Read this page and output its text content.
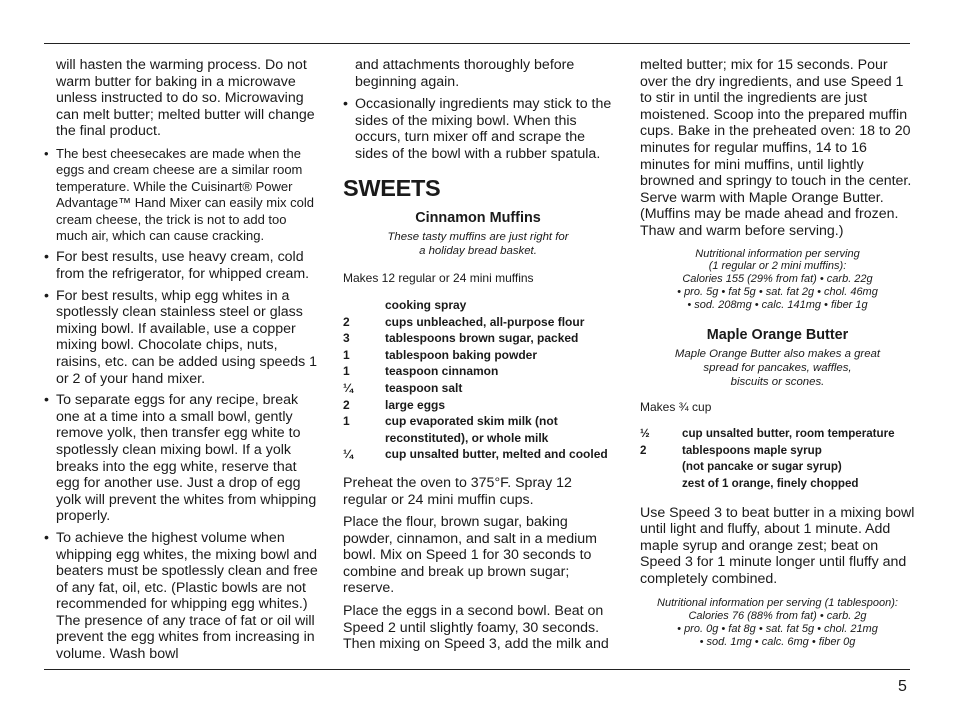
will hasten the warming process. Do not warm butter for baking in a microwave unless instructed to do so. Microwaving can melt butter; melted butter will change the final product.

• The best cheesecakes are made when the eggs and cream cheese are a similar room temperature. While the Cuisinart® Power Advantage™ Hand Mixer can easily mix cold cream cheese, the trick is not to add too much air, which can cause cracking.
• For best results, use heavy cream, cold from the refrigerator, for whipped cream.
• For best results, whip egg whites in a spotlessly clean stainless steel or glass mixing bowl. If available, use a copper mixing bowl. Chocolate chips, nuts, raisins, etc. can be added using speeds 1 or 2 of your hand mixer.
• To separate eggs for any recipe, break one at a time into a small bowl, gently remove yolk, then transfer egg white to spotlessly clean mixing bowl. If a yolk breaks into the egg white, reserve that egg for another use. Just a drop of egg yolk will prevent the whites from whipping properly.
• To achieve the highest volume when whipping egg whites, the mixing bowl and beaters must be spotlessly clean and free of any fat, oil, etc. (Plastic bowls are not recommended for whipping egg whites.) The presence of any trace of fat or oil will prevent the egg whites from increasing in volume. Wash bowl

and attachments thoroughly before beginning again.

• Occasionally ingredients may stick to the sides of the mixing bowl. When this occurs, turn mixer off and scrape the sides of the bowl with a rubber spatula.
SWEETS
Cinnamon Muffins
These tasty muffins are just right for
a holiday bread basket.

Makes 12 regular or 24 mini muffins

cooking spray
2	cups unbleached, all-purpose flour
3	tablespoons brown sugar, packed
1	tablespoon baking powder
1	teaspoon cinnamon
¼	teaspoon salt
2	large eggs
1	cup evaporated skim milk (not reconstituted), or whole milk
¼	cup unsalted butter, melted and cooled

Preheat the oven to 375°F. Spray 12 regular or 24 mini muffin cups.

Place the flour, brown sugar, baking powder, cinnamon, and salt in a medium bowl. Mix on Speed 1 for 30 seconds to combine and break up brown sugar; reserve.

Place the eggs in a second bowl. Beat on Speed 2 until slightly foamy, 30 seconds. Then mixing on Speed 3, add the milk and

melted butter; mix for 15 seconds. Pour over the dry ingredients, and use Speed 1 to stir in until the ingredients are just moistened. Scoop into the prepared muffin cups. Bake in the preheated oven: 18 to 20 minutes for regular muffins, 14 to 16 minutes for mini muffins, until lightly browned and springy to touch in the center. Serve warm with Maple Orange Butter. (Muffins may be made ahead and frozen. Thaw and warm before serving.)

Nutritional information per serving
(1 regular or 2 mini muffins):
Calories 155 (29% from fat) • carb. 22g
• pro. 5g • fat 5g • sat. fat 2g • chol. 46mg
• sod. 208mg • calc. 141mg • fiber 1g
Maple Orange Butter
Maple Orange Butter also makes a great
spread for pancakes, waffles,
biscuits or scones.

Makes ¾ cup

½	cup unsalted butter, room temperature
2	tablespoons maple syrup
(not pancake or sugar syrup)
zest of 1 orange, finely chopped

Use Speed 3 to beat butter in a mixing bowl until light and fluffy, about 1 minute. Add maple syrup and orange zest; beat on Speed 3 for 1 minute longer until fluffy and completely combined.

Nutritional information per serving (1 tablespoon):
Calories 76 (88% from fat) • carb. 2g
• pro. 0g • fat 8g • sat. fat 5g • chol. 21mg
• sod. 1mg • calc. 6mg • fiber 0g
5
